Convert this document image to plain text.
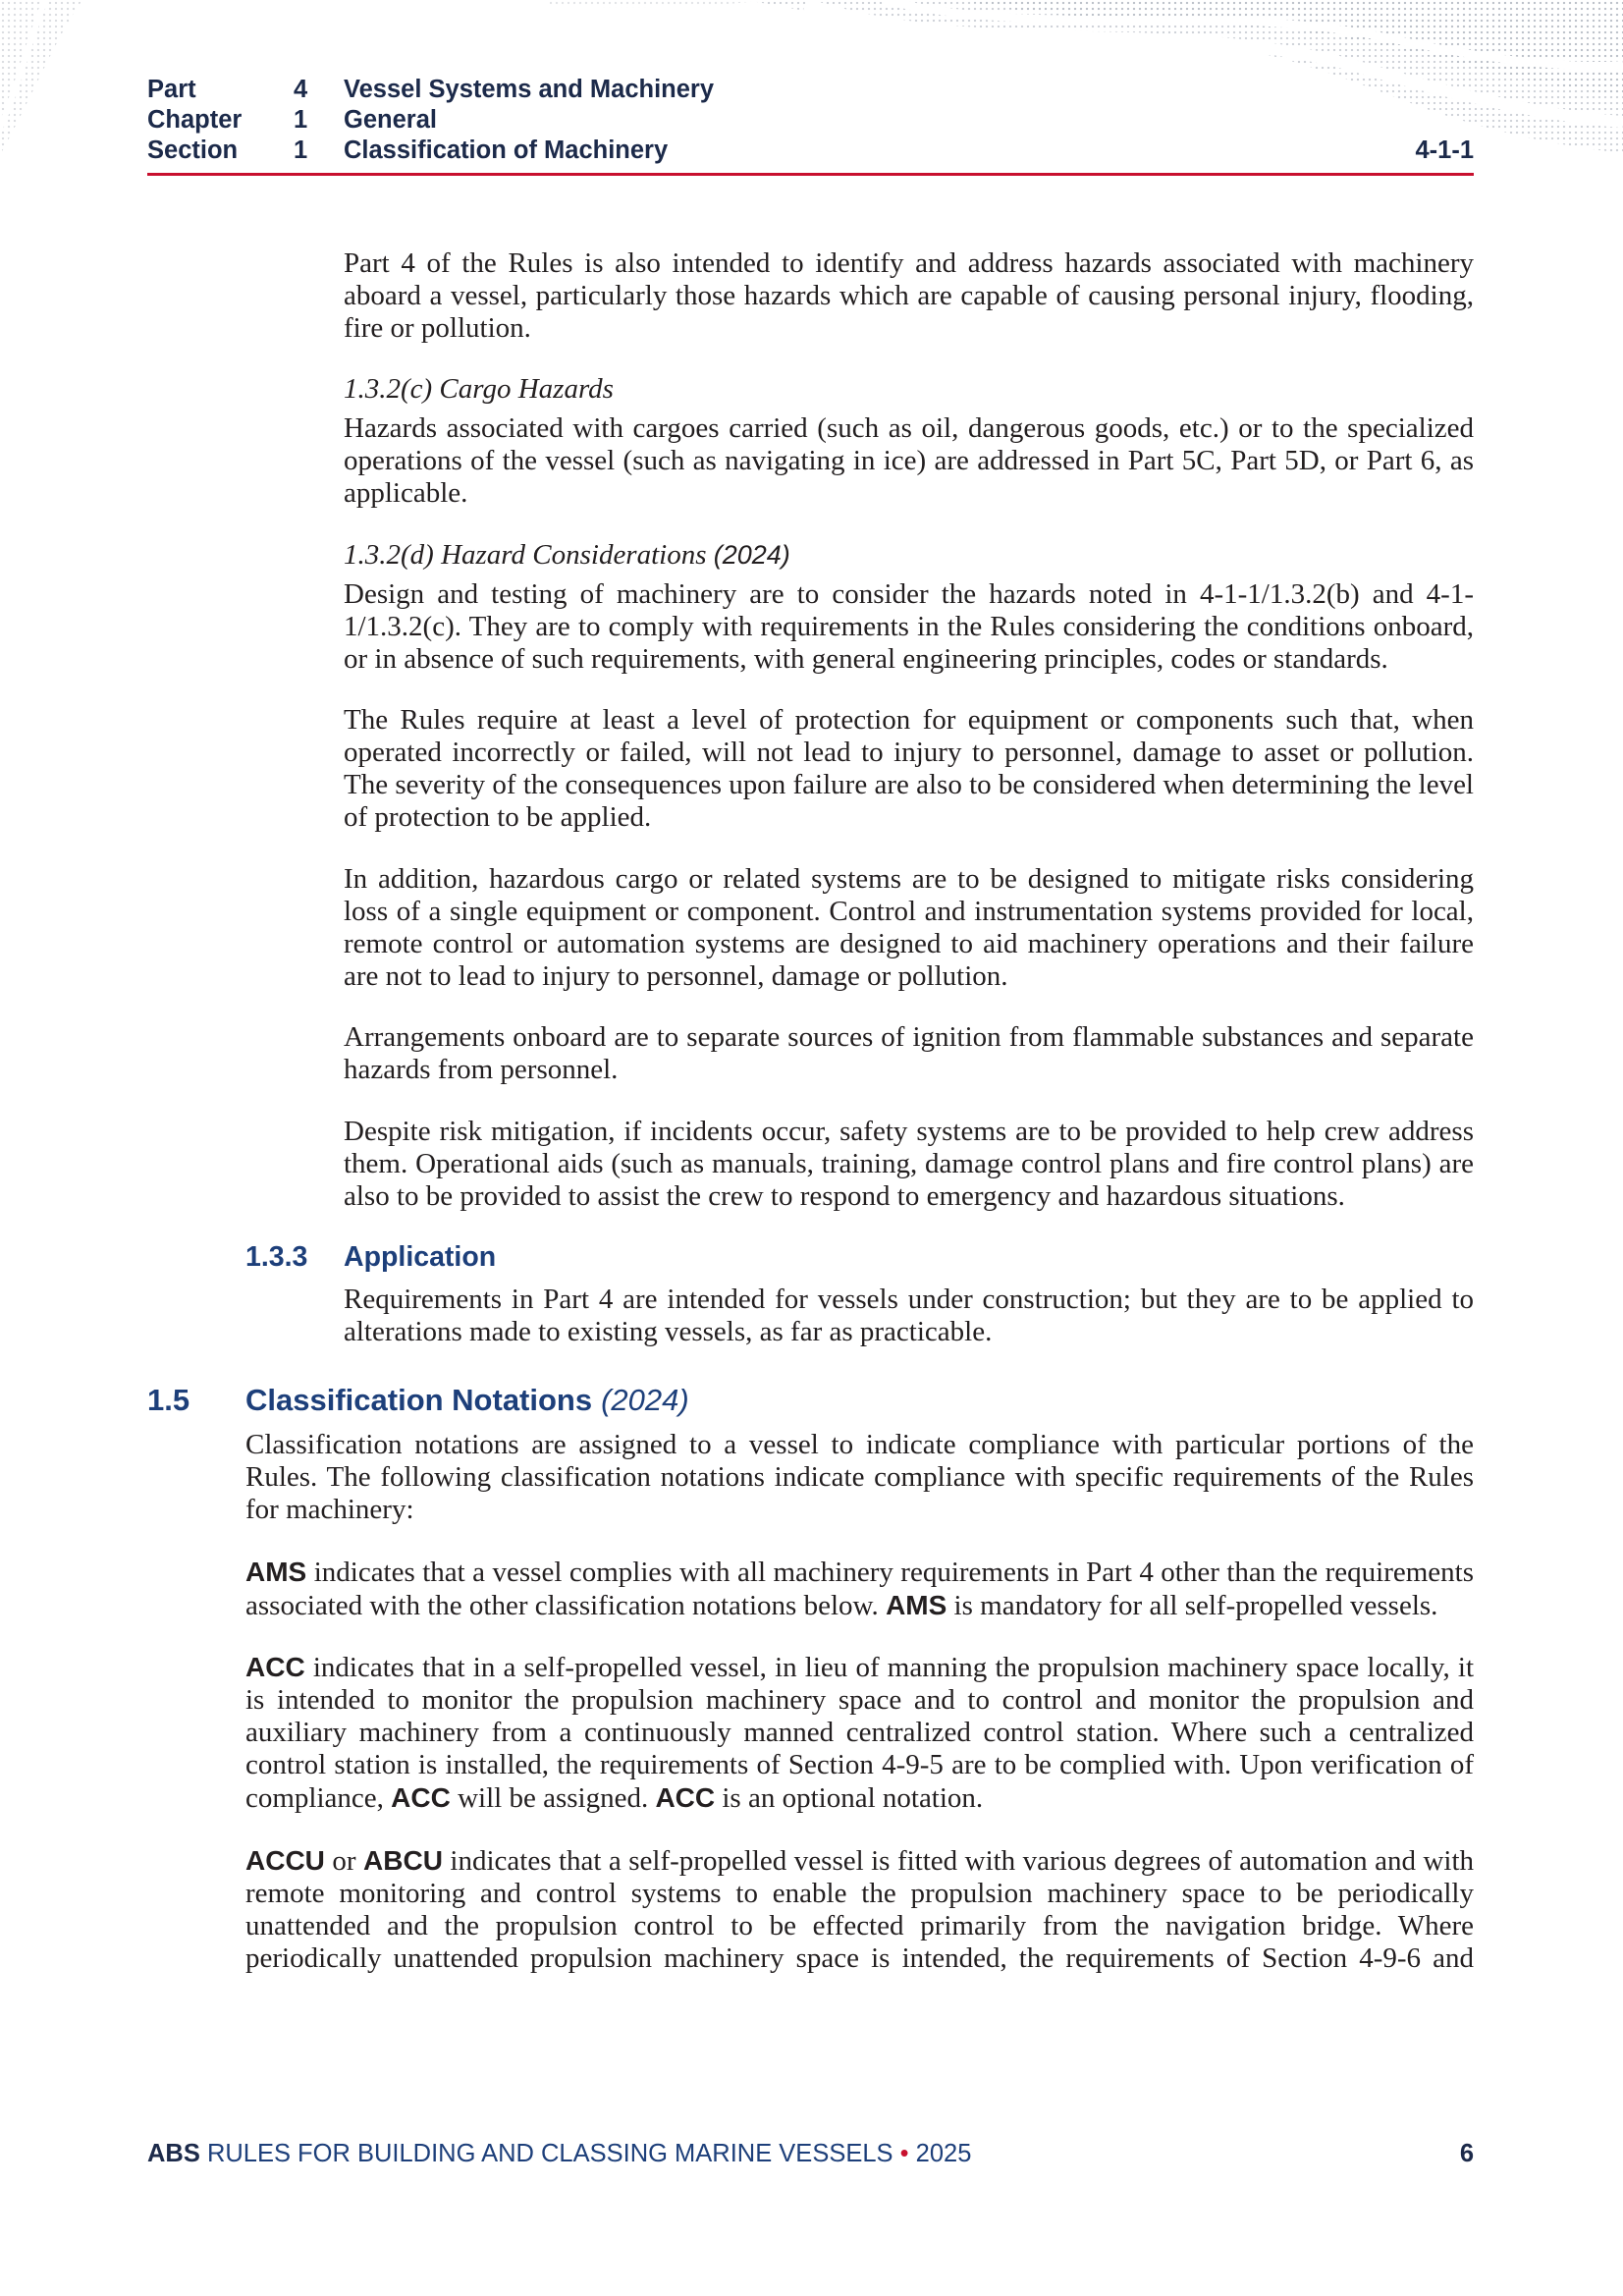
Part	4	Vessel Systems and Machinery
Chapter	1	General
Section	1	Classification of Machinery	4-1-1

Part 4 of the Rules is also intended to identify and address hazards associated with machinery aboard a vessel, particularly those hazards which are capable of causing personal injury, flooding, fire or pollution.

1.3.2(c) Cargo Hazards

Hazards associated with cargoes carried (such as oil, dangerous goods, etc.) or to the specialized operations of the vessel (such as navigating in ice) are addressed in Part 5C, Part 5D, or Part 6, as applicable.

1.3.2(d) Hazard Considerations (2024)

Design and testing of machinery are to consider the hazards noted in 4-1-1/1.3.2(b) and 4-1-1/1.3.2(c). They are to comply with requirements in the Rules considering the conditions onboard, or in absence of such requirements, with general engineering principles, codes or standards.

The Rules require at least a level of protection for equipment or components such that, when operated incorrectly or failed, will not lead to injury to personnel, damage to asset or pollution. The severity of the consequences upon failure are also to be considered when determining the level of protection to be applied.

In addition, hazardous cargo or related systems are to be designed to mitigate risks considering loss of a single equipment or component. Control and instrumentation systems provided for local, remote control or automation systems are designed to aid machinery operations and their failure are not to lead to injury to personnel, damage or pollution.

Arrangements onboard are to separate sources of ignition from flammable substances and separate hazards from personnel.

Despite risk mitigation, if incidents occur, safety systems are to be provided to help crew address them. Operational aids (such as manuals, training, damage control plans and fire control plans) are also to be provided to assist the crew to respond to emergency and hazardous situations.

1.3.3	Application

Requirements in Part 4 are intended for vessels under construction; but they are to be applied to alterations made to existing vessels, as far as practicable.

1.5	Classification Notations (2024)

Classification notations are assigned to a vessel to indicate compliance with particular portions of the Rules. The following classification notations indicate compliance with specific requirements of the Rules for machinery:

AMS indicates that a vessel complies with all machinery requirements in Part 4 other than the requirements associated with the other classification notations below. AMS is mandatory for all self-propelled vessels.

ACC indicates that in a self-propelled vessel, in lieu of manning the propulsion machinery space locally, it is intended to monitor the propulsion machinery space and to control and monitor the propulsion and auxiliary machinery from a continuously manned centralized control station. Where such a centralized control station is installed, the requirements of Section 4-9-5 are to be complied with. Upon verification of compliance, ACC will be assigned. ACC is an optional notation.

ACCU or ABCU indicates that a self-propelled vessel is fitted with various degrees of automation and with remote monitoring and control systems to enable the propulsion machinery space to be periodically unattended and the propulsion control to be effected primarily from the navigation bridge. Where periodically unattended propulsion machinery space is intended, the requirements of Section 4-9-6 and

ABS RULES FOR BUILDING AND CLASSING MARINE VESSELS • 2025	6
